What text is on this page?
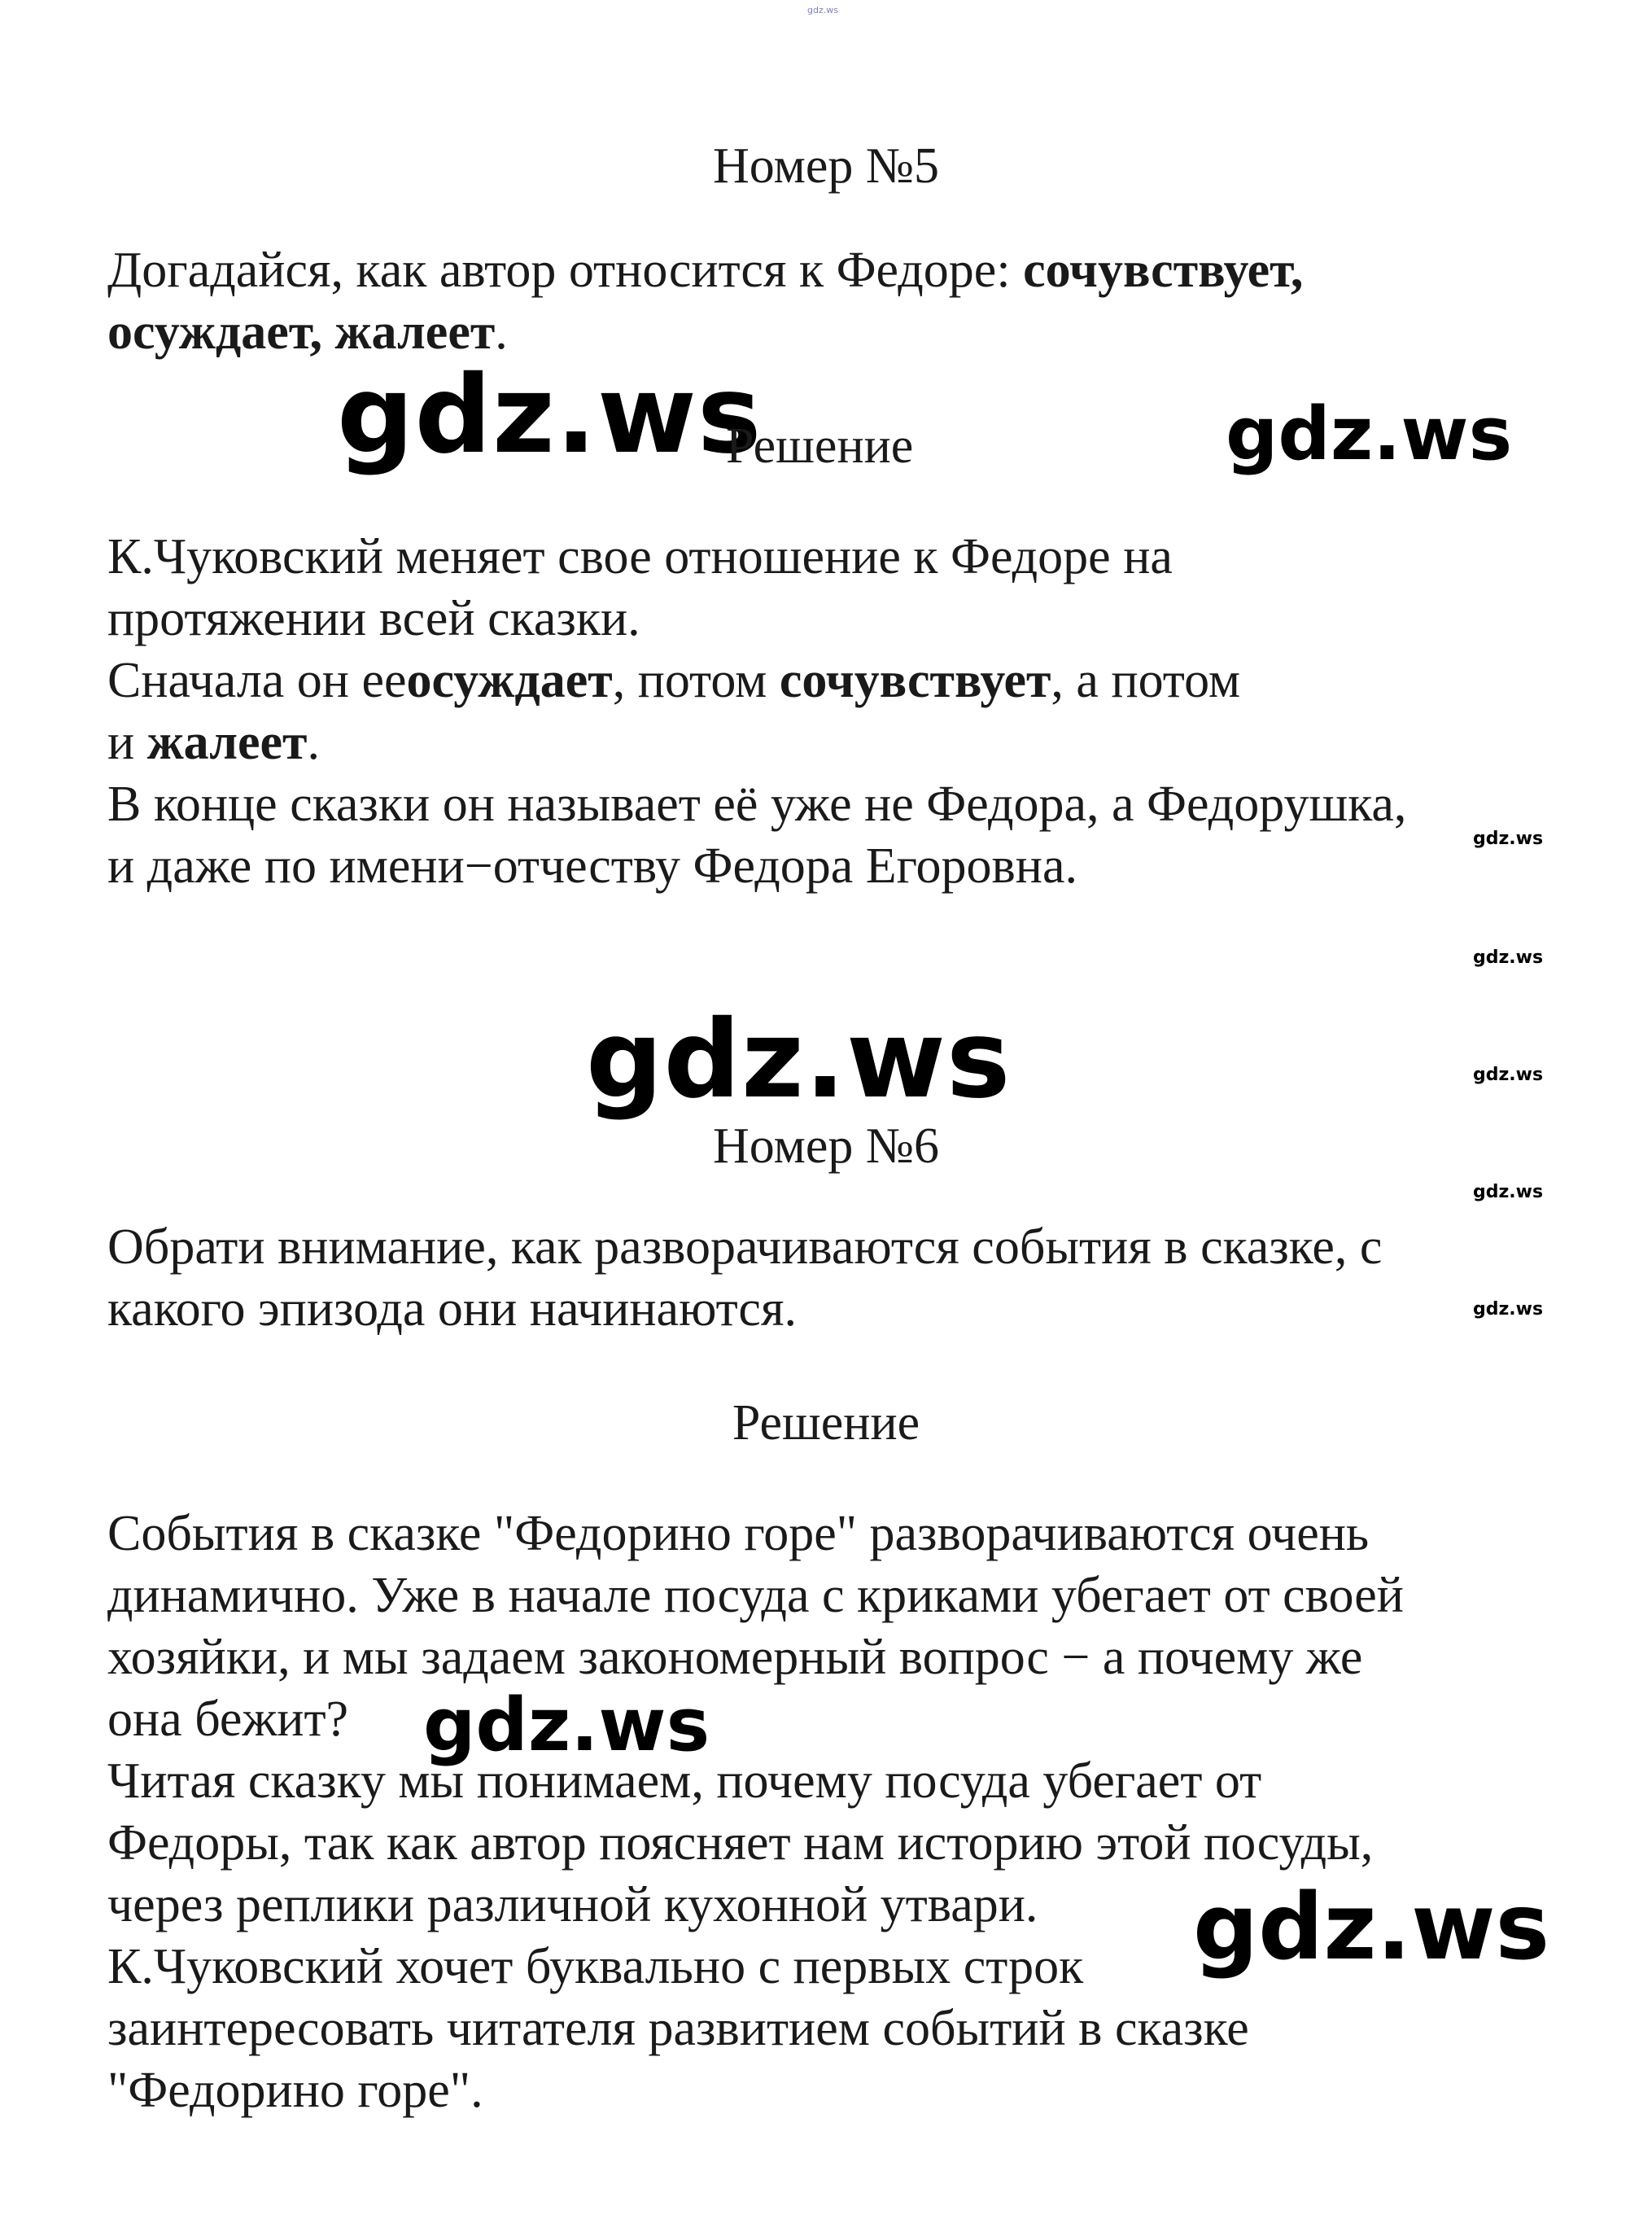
gdz.ws
Номер №5

Догадайся, как автор относится к Федоре: сочувствует,

осуждает, жалеет.

gdz.ws
Решение	gdz.ws

К.Чуковский меняет свое отношение к Федоре на

протяжении всей сказки.

Сначала он ееосуждает, потом сочувствует, а потом

и жалеет.

В конце сказки он называет её уже не Федора, а Федорушка,

и даже по имени−отчеству Федора Егоровна.	gdz.ws
gdz.ws
gdz.ws
gdz.ws
gdz.ws
gdz.ws
Номер №6

Обрати внимание, как разворачиваются события в сказке, с

какого эпизода они начинаются.

Решение

События в сказке "Федорино горе" разворачиваются очень

динамично. Уже в начале посуда с криками убегает от своей

хозяйки, и мы задаем закономерный вопрос − а почему же

она бежит?

Читая сказку мы понимаем, почему посуда убегает от

Федоры, так как автор поясняет нам историю этой посуды,

через реплики различной кухонной утвари.

К.Чуковский хочет буквально с первых строк

заинтересовать читателя развитием событий в сказке

"Федорино горе".

gdz.ws
gdz.ws
